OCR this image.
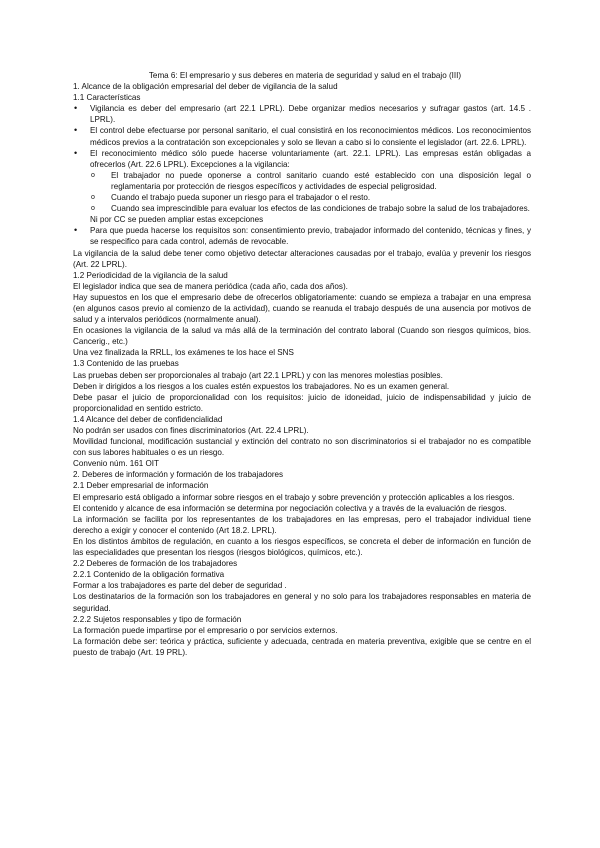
Tema 6: El empresario y sus deberes en materia de seguridad y salud en el trabajo (III)

1. Alcance de la obligación empresarial del deber de vigilancia de la salud
1.1 Características
• Vigilancia es deber del empresario (art 22.1 LPRL). Debe organizar medios necesarios y sufragar gastos (art. 14.5 . LPRL).
• El control debe efectuarse por personal sanitario, el cual consistirá en los reconocimientos médicos. Los reconocimientos médicos previos a la contratación son excepcionales y solo se llevan a cabo si lo consiente el legislador (art. 22.6. LPRL).
• El reconocimiento médico sólo puede hacerse voluntariamente (art. 22.1. LPRL). Las empresas están obligadas a ofrecerlos (Art. 22.6 LPRL). Excepciones a la vigilancia:
o El trabajador no puede oponerse a control sanitario cuando esté establecido con una disposición legal o reglamentaria por protección de riesgos específicos y actividades de especial peligrosidad.
o Cuando el trabajo pueda suponer un riesgo para el trabajador o el resto.
o Cuando sea imprescindible para evaluar los efectos de las condiciones de trabajo sobre la salud de los trabajadores.

Ni por CC se pueden ampliar estas excepciones

• Para que pueda hacerse los requisitos son: consentimiento previo, trabajador informado del contenido, técnicas y fines, y se respecifico para cada control, además de revocable.

La vigilancia de la salud debe tener como objetivo detectar alteraciones causadas por el trabajo, evalúa y prevenir los riesgos (Art. 22 LPRL).

1.2 Periodicidad de la vigilancia de la salud

El legislador indica que sea de manera periódica (cada año, cada dos años).

Hay supuestos en los que el empresario debe de ofrecerlos obligatoriamente: cuando se empieza a trabajar en una empresa (en algunos casos previo al comienzo de la actividad), cuando se reanuda el trabajo después de una ausencia por motivos de salud y a intervalos periódicos (normalmente anual).

En ocasiones la vigilancia de la salud va más allá de la terminación del contrato laboral (Cuando son riesgos químicos, bios. Cancerig., etc.)

Una vez finalizada la RRLL, los exámenes te los hace el SNS

1.3 Contenido de las pruebas

Las pruebas deben ser proporcionales al trabajo (art 22.1 LPRL) y con las menores molestias posibles.

Deben ir dirigidos a los riesgos a los cuales estén expuestos los trabajadores. No es un examen general.

Debe pasar el juicio de proporcionalidad con los requisitos: juicio de idoneidad, juicio de indispensabilidad y juicio de proporcionalidad en sentido estricto.

1.4 Alcance del deber de confidencialidad

No podrán ser usados con fines discriminatorios (Art. 22.4 LPRL).

Movilidad funcional, modificación sustancial y extinción del contrato no son discriminatorios si el trabajador no es compatible con sus labores habituales o es un riesgo.

Convenio núm. 161 OIT

2. Deberes de información y formación de los trabajadores
2.1 Deber empresarial de información

El empresario está obligado a informar sobre riesgos en el trabajo y sobre prevención y protección aplicables a los riesgos.

El contenido y alcance de esa información se determina por negociación colectiva y a través de la evaluación de riesgos.

La información se facilita por los representantes de los trabajadores en las empresas, pero el trabajador individual tiene derecho a exigir y conocer el contenido (Art 18.2. LPRL).

En los distintos ámbitos de regulación, en cuanto a los riesgos específicos, se concreta el deber de información en función de las especialidades que presentan los riesgos (riesgos biológicos, químicos, etc.).

2.2 Deberes de formación de los trabajadores
2.2.1 Contenido de la obligación formativa

Formar a los trabajadores es parte del deber de seguridad .

Los destinatarios de la formación son los trabajadores en general y no solo para los trabajadores responsables en materia de seguridad.

2.2.2 Sujetos responsables y tipo de formación

La formación puede impartirse por el empresario o por servicios externos.

La formación debe ser: teórica y práctica, suficiente y adecuada, centrada en materia preventiva, exigible que se centre en el puesto de trabajo (Art. 19 PRL).
